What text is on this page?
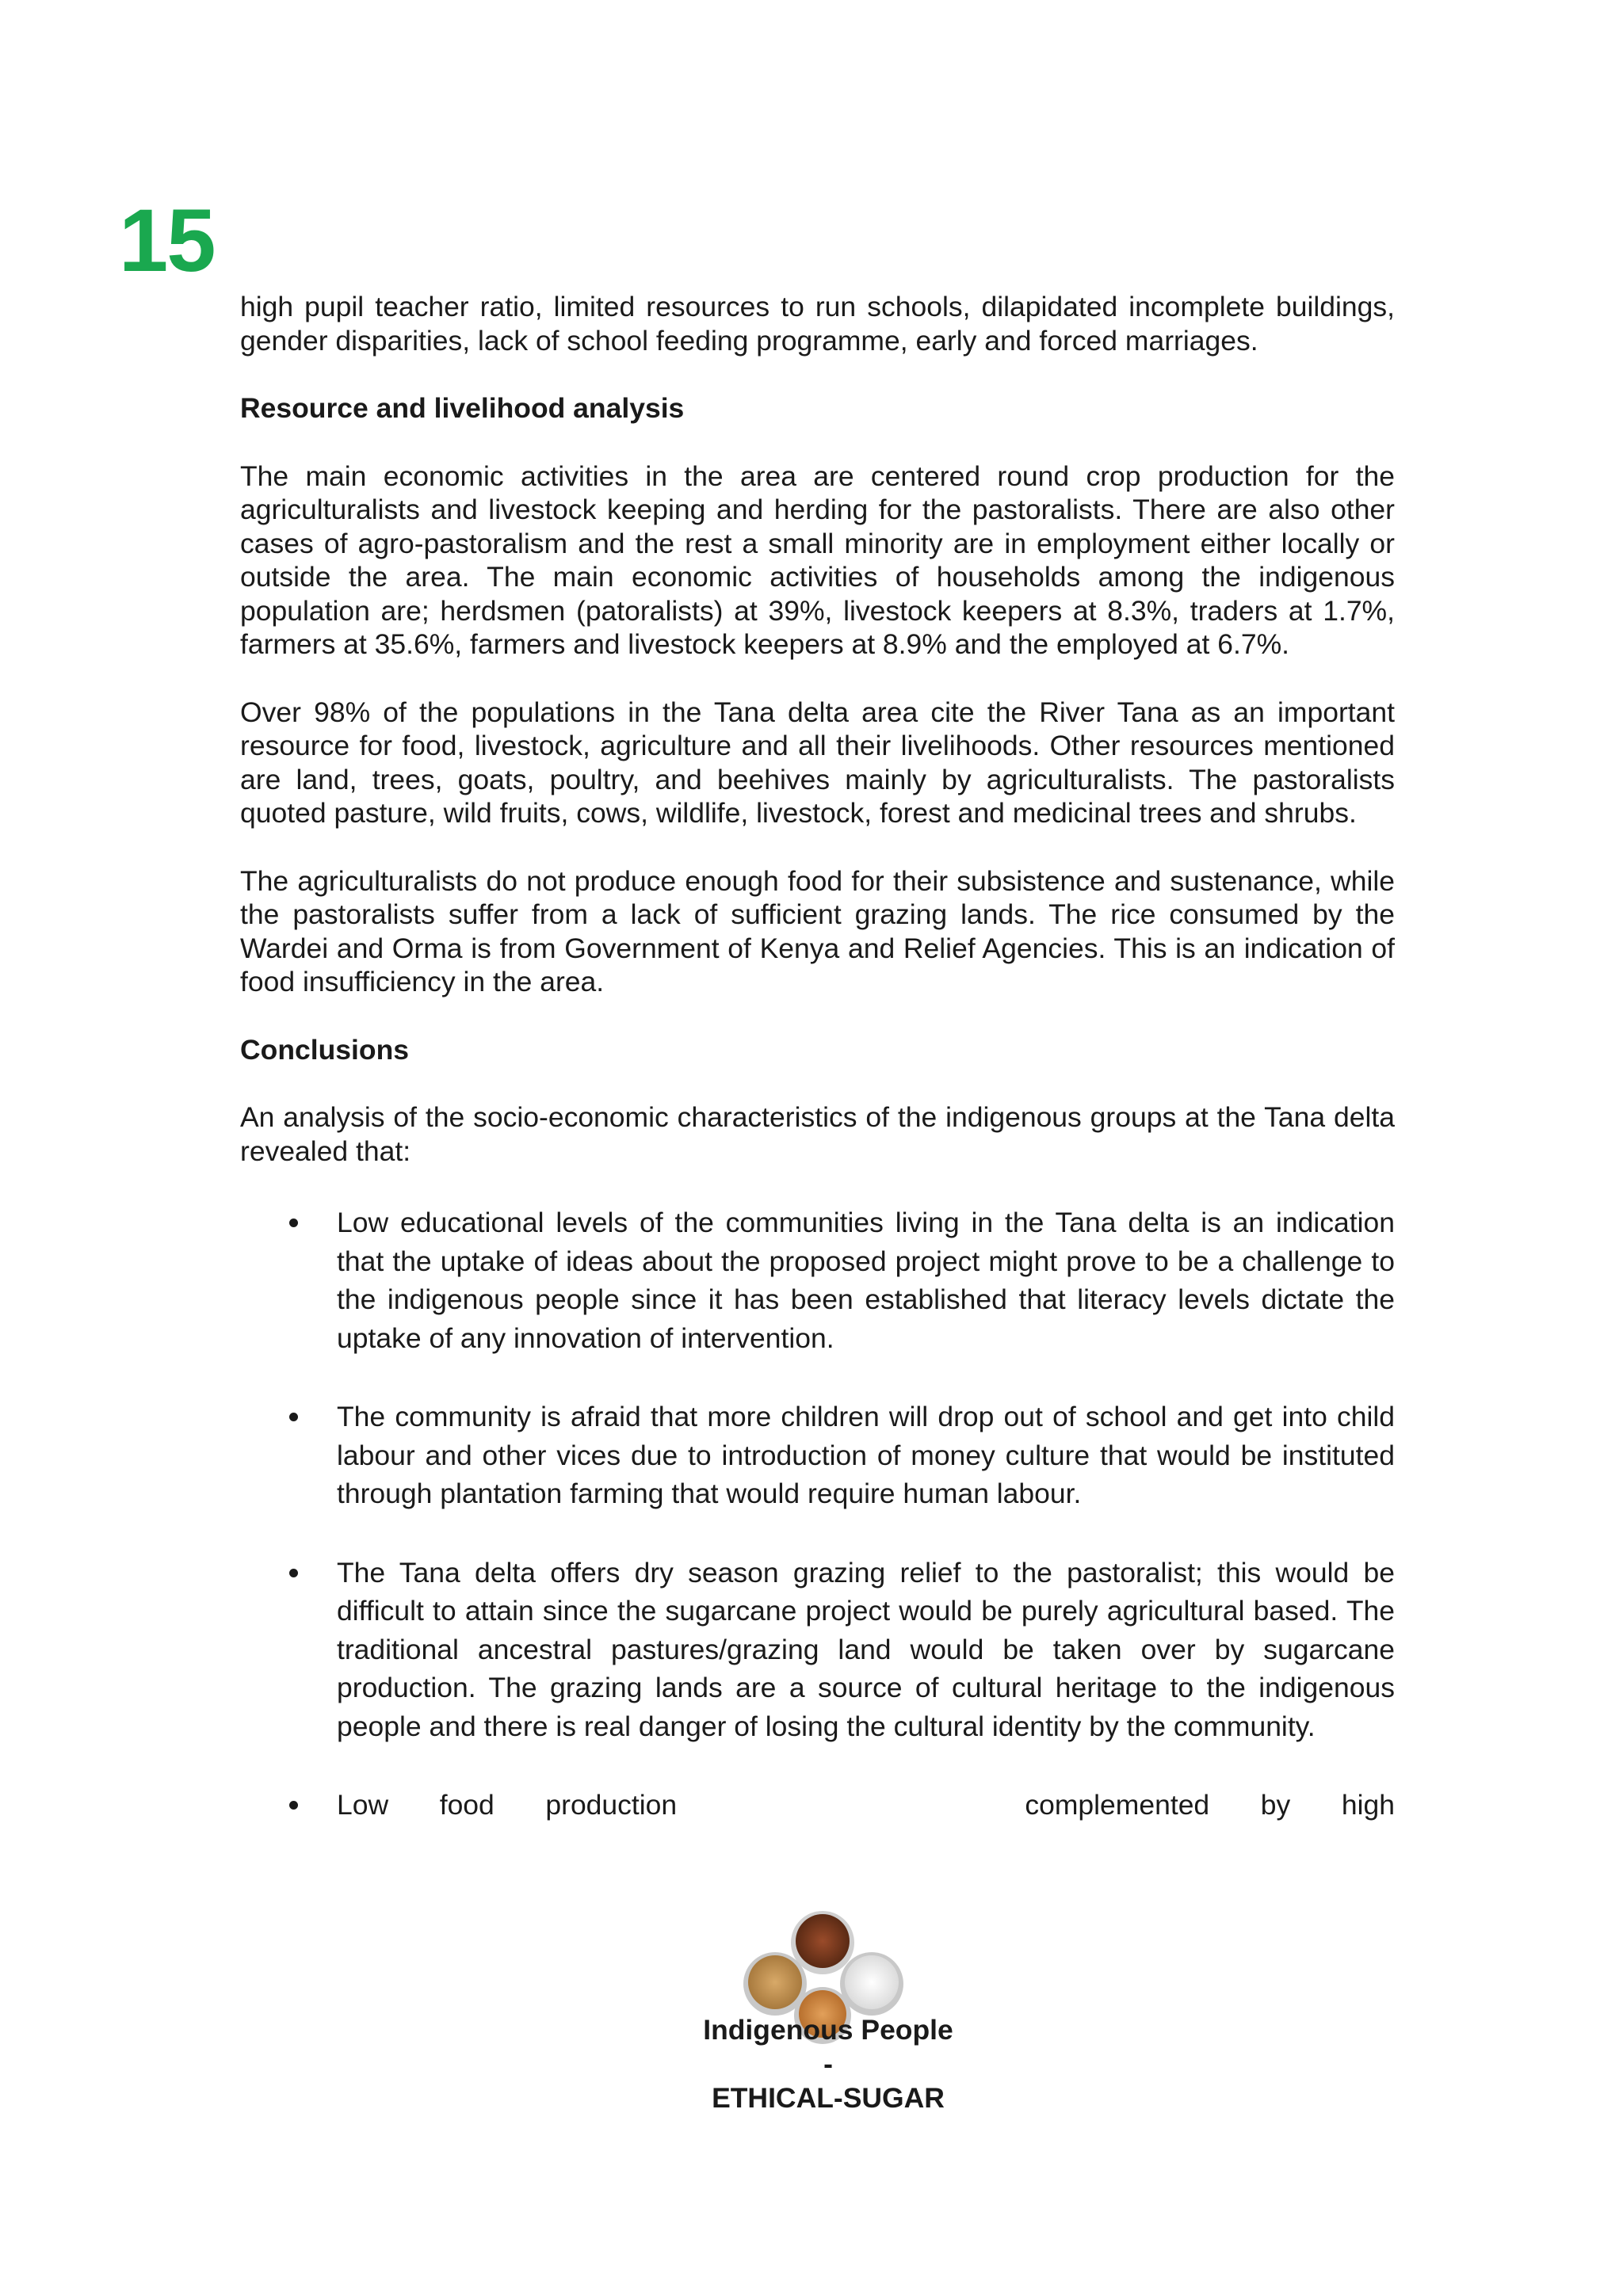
15

high pupil teacher ratio, limited resources to run schools, dilapidated incomplete buildings, gender disparities, lack of school feeding programme, early and forced marriages.

Resource and livelihood analysis

The main economic activities in the area are centered round crop production for the agriculturalists and livestock keeping and herding for the pastoralists. There are also other cases of agro-pastoralism and the rest a small minority are in employment either locally or outside the area. The main economic activities of households among the indigenous population are; herdsmen (patoralists) at 39%, livestock keepers at 8.3%, traders at 1.7%, farmers at 35.6%, farmers and livestock keepers at 8.9% and the employed at 6.7%.

Over 98% of the populations in the Tana delta area cite the River Tana as an important resource for food, livestock, agriculture and all their livelihoods. Other resources mentioned are land, trees, goats, poultry, and beehives mainly by agriculturalists. The pastoralists quoted pasture, wild fruits, cows, wildlife, livestock, forest and medicinal trees and shrubs.

The agriculturalists do not produce enough food for their subsistence and sustenance, while the pastoralists suffer from a lack of sufficient grazing lands. The rice consumed by the Wardei and Orma is from Government of Kenya and Relief Agencies. This is an indication of food insufficiency in the area.

Conclusions

An analysis of the socio-economic characteristics of the indigenous groups at the Tana delta revealed that:

Low educational levels of the communities living in the Tana delta is an indication that the uptake of ideas about the proposed project might prove to be a challenge to the indigenous people since it has been established that literacy levels dictate the uptake of any innovation of intervention.
The community is afraid that more children will drop out of school and get into child labour and other vices due to introduction of money culture that would be instituted through plantation farming that would require human labour.
The Tana delta offers dry season grazing relief to the pastoralist; this would be difficult to attain since the sugarcane project would be purely agricultural based. The traditional ancestral pastures/grazing land would be taken over by sugarcane production. The grazing lands are a source of cultural heritage to the indigenous people and there is real danger of losing the cultural identity by the community.
Low food production	complemented by high
Indigenous People
-
ETHICAL-SUGAR
